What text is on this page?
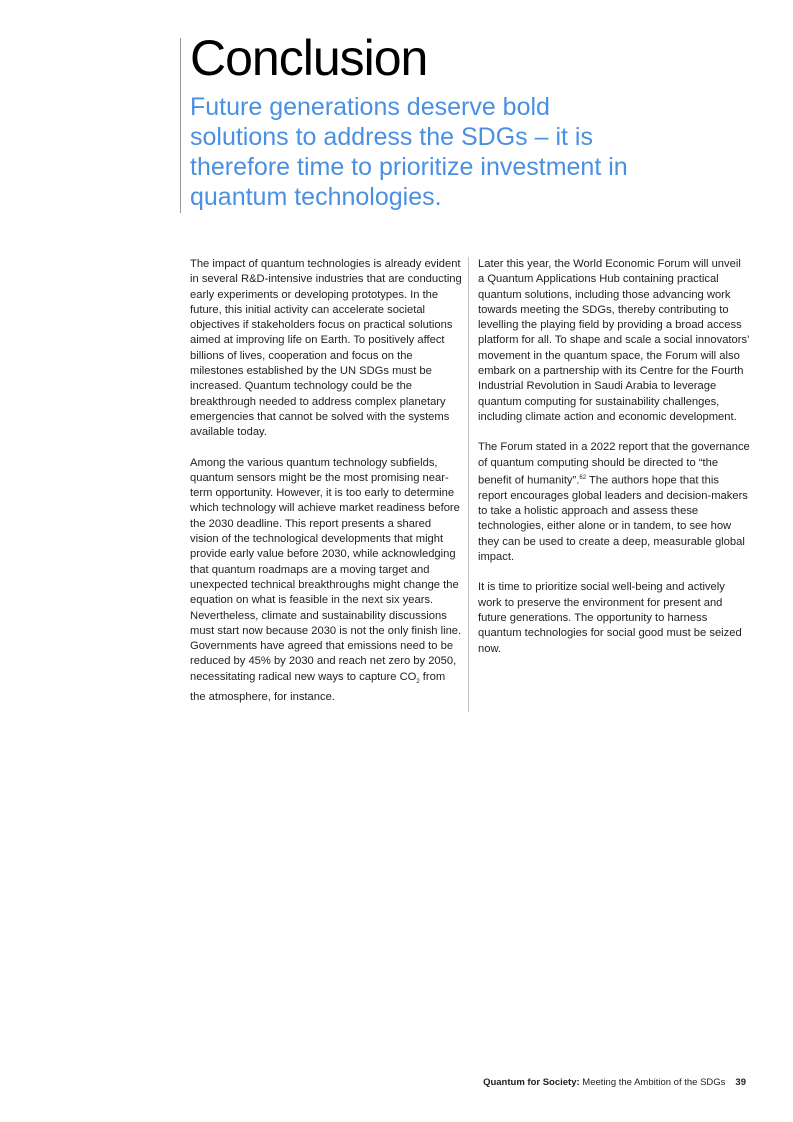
Conclusion
Future generations deserve bold solutions to address the SDGs – it is therefore time to prioritize investment in quantum technologies.

The impact of quantum technologies is already evident in several R&D-intensive industries that are conducting early experiments or developing prototypes. In the future, this initial activity can accelerate societal objectives if stakeholders focus on practical solutions aimed at improving life on Earth. To positively affect billions of lives, cooperation and focus on the milestones established by the UN SDGs must be increased. Quantum technology could be the breakthrough needed to address complex planetary emergencies that cannot be solved with the systems available today.

Among the various quantum technology subfields, quantum sensors might be the most promising near-term opportunity. However, it is too early to determine which technology will achieve market readiness before the 2030 deadline. This report presents a shared vision of the technological developments that might provide early value before 2030, while acknowledging that quantum roadmaps are a moving target and unexpected technical breakthroughs might change the equation on what is feasible in the next six years. Nevertheless, climate and sustainability discussions must start now because 2030 is not the only finish line. Governments have agreed that emissions need to be reduced by 45% by 2030 and reach net zero by 2050, necessitating radical new ways to capture $CO_2$ from the atmosphere, for instance.

Later this year, the World Economic Forum will unveil a Quantum Applications Hub containing practical quantum solutions, including those advancing work towards meeting the SDGs, thereby contributing to levelling the playing field by providing a broad access platform for all. To shape and scale a social innovators’ movement in the quantum space, the Forum will also embark on a partnership with its Centre for the Fourth Industrial Revolution in Saudi Arabia to leverage quantum computing for sustainability challenges, including climate action and economic development.

The Forum stated in a 2022 report that the governance of quantum computing should be directed to “the benefit of humanity”.$^{62}$ The authors hope that this report encourages global leaders and decision-makers to take a holistic approach and assess these technologies, either alone or in tandem, to see how they can be used to create a deep, measurable global impact.

It is time to prioritize social well-being and actively work to preserve the environment for present and future generations. The opportunity to harness quantum technologies for social good must be seized now.

Quantum for Society: Meeting the Ambition of the SDGs 39
